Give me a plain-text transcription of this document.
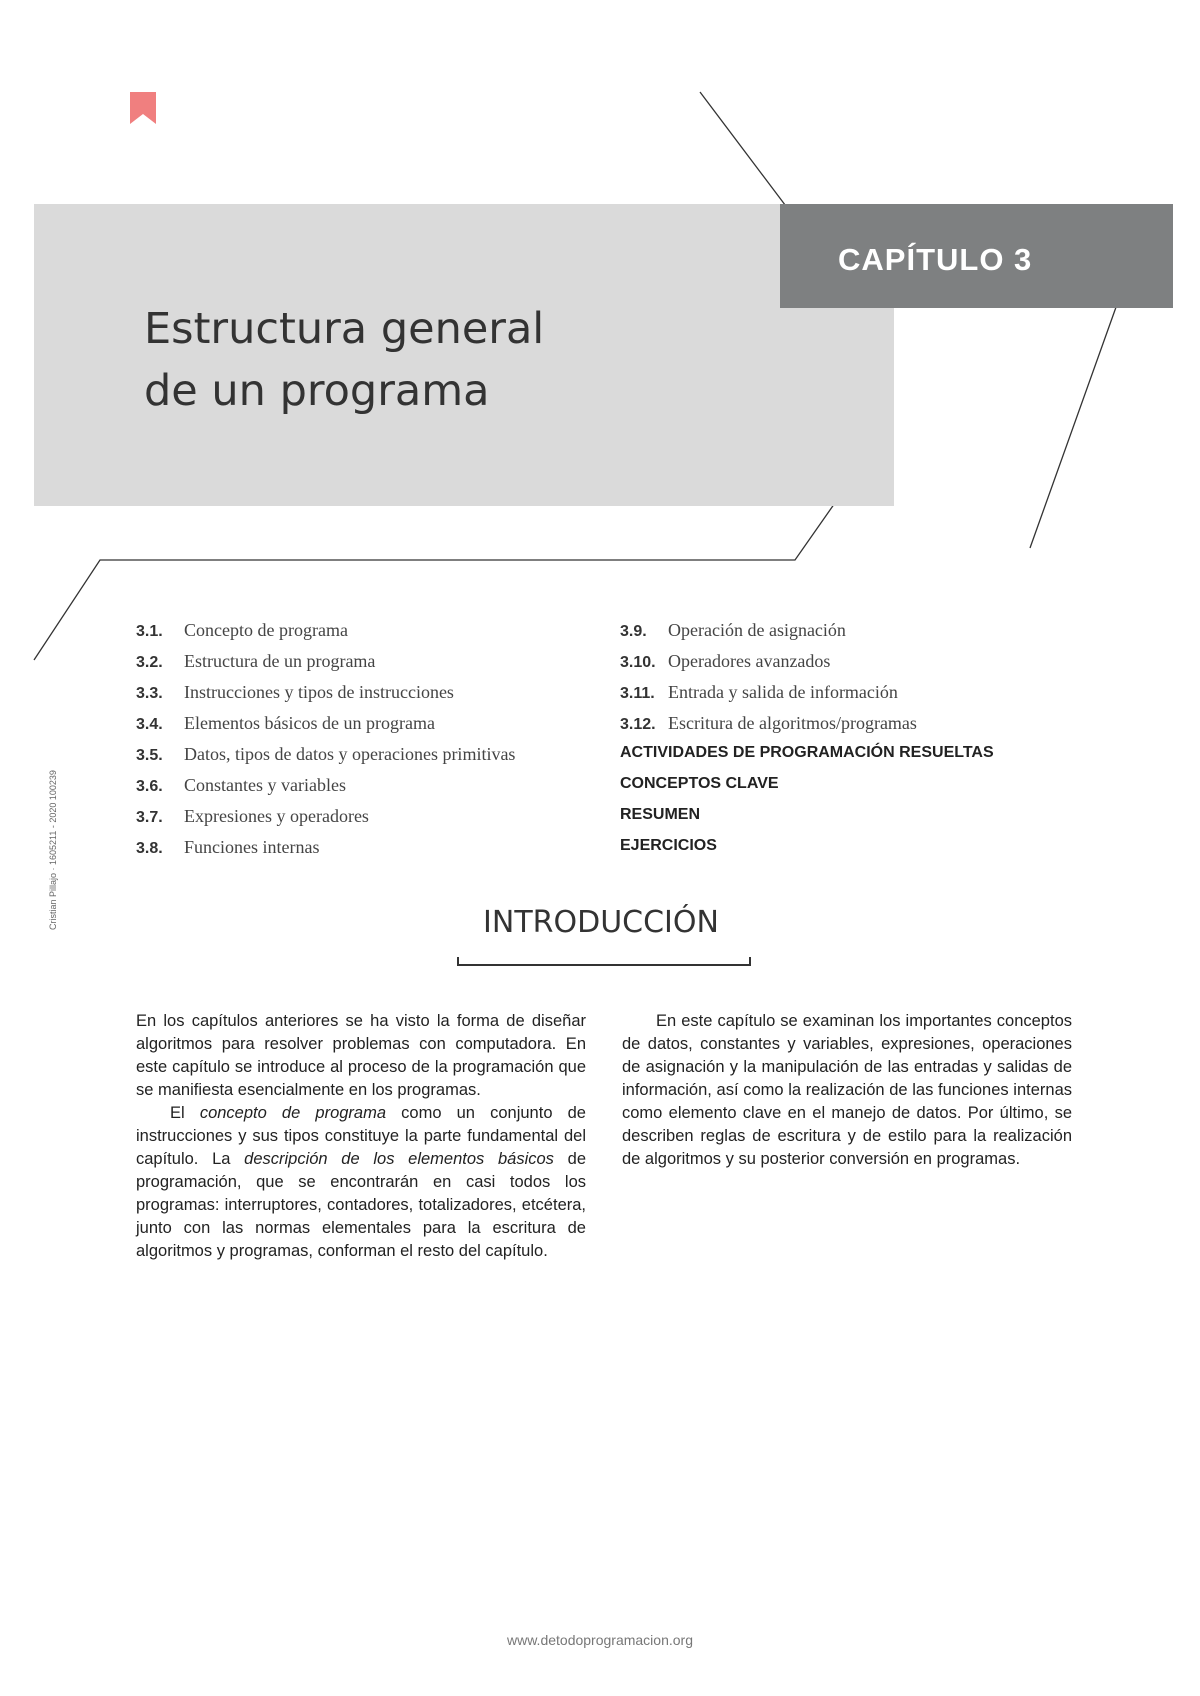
CAPÍTULO 3
Estructura general
de un programa
Cristian Pillajo · 1605211 - 2020 100239
3.1.	Concepto de programa
3.2.	Estructura de un programa
3.3.	Instrucciones y tipos de instrucciones
3.4.	Elementos básicos de un programa
3.5.	Datos, tipos de datos y operaciones primitivas
3.6.	Constantes y variables
3.7.	Expresiones y operadores
3.8.	Funciones internas
3.9.	Operación de asignación
3.10. Operadores avanzados
3.11. Entrada y salida de información
3.12. Escritura de algoritmos/programas
ACTIVIDADES DE PROGRAMACIÓN RESUELTAS
CONCEPTOS CLAVE
RESUMEN
EJERCICIOS
INTRODUCCIÓN

En los capítulos anteriores se ha visto la forma de diseñar algoritmos para resolver problemas con computadora. En este capítulo se introduce al proceso de la programación que se manifiesta esencialmente en los programas.

El concepto de programa como un conjunto de instrucciones y sus tipos constituye la parte fundamental del capítulo. La descripción de los elementos básicos de programación, que se encontrarán en casi todos los programas: interruptores, contadores, totalizadores, etcétera, junto con las normas elementales para la escritura de algoritmos y programas, conforman el resto del capítulo.

En este capítulo se examinan los importantes conceptos de datos, constantes y variables, expresiones, operaciones de asignación y la manipulación de las entradas y salidas de información, así como la realización de las funciones internas como elemento clave en el manejo de datos. Por último, se describen reglas de escritura y de estilo para la realización de algoritmos y su posterior conversión en programas.

www.detodoprogramacion.org
